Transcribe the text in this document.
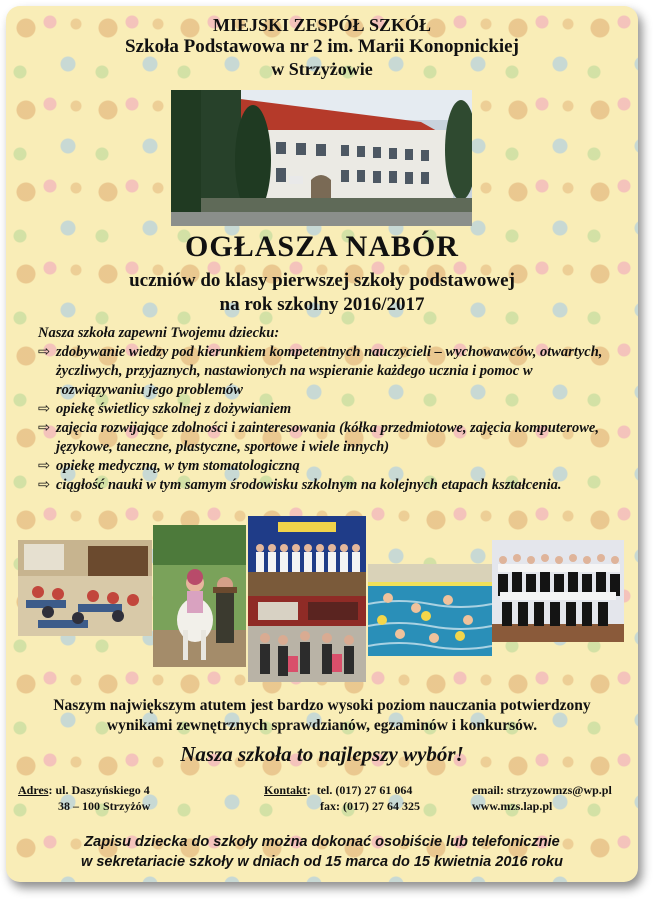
MIEJSKI ZESPÓŁ SZKÓŁ
Szkoła Podstawowa nr 2 im. Marii Konopnickiej
w Strzyżowie
OGŁASZA NABÓR
uczniów do klasy pierwszej szkoły podstawowej
na rok szkolny 2016/2017
Nasza szkoła zapewni Twojemu dziecku:
⇨ zdobywanie wiedzy pod kierunkiem kompetentnych nauczycieli – wychowawców, otwartych, życzliwych, przyjaznych, nastawionych na wspieranie każdego ucznia i pomoc w rozwiązywaniu jego problemów
⇨ opiekę świetlicy szkolnej z dożywianiem
⇨ zajęcia rozwijające zdolności i zainteresowania (kółka przedmiotowe, zajęcia komputerowe, językowe, taneczne, plastyczne, sportowe i wiele innych)
⇨ opiekę medyczną, w tym stomatologiczną
⇨ ciągłość nauki w tym samym środowisku szkolnym na kolejnych etapach kształcenia.
Naszym największym atutem jest bardzo wysoki poziom nauczania potwierdzony wynikami zewnętrznych sprawdzianów, egzaminów i konkursów.
Nasza szkoła to najlepszy wybór!
Adres: ul. Daszyńskiego 4
38 – 100 Strzyżów
Kontakt:  tel. (017) 27 61 064
fax: (017) 27 64 325
email: strzyzowmzs@wp.pl
www.mzs.lap.pl
Zapisu dziecka do szkoły można dokonać osobiście lub telefonicznie
w sekretariacie szkoły w dniach od 15 marca do 15 kwietnia 2016 roku
